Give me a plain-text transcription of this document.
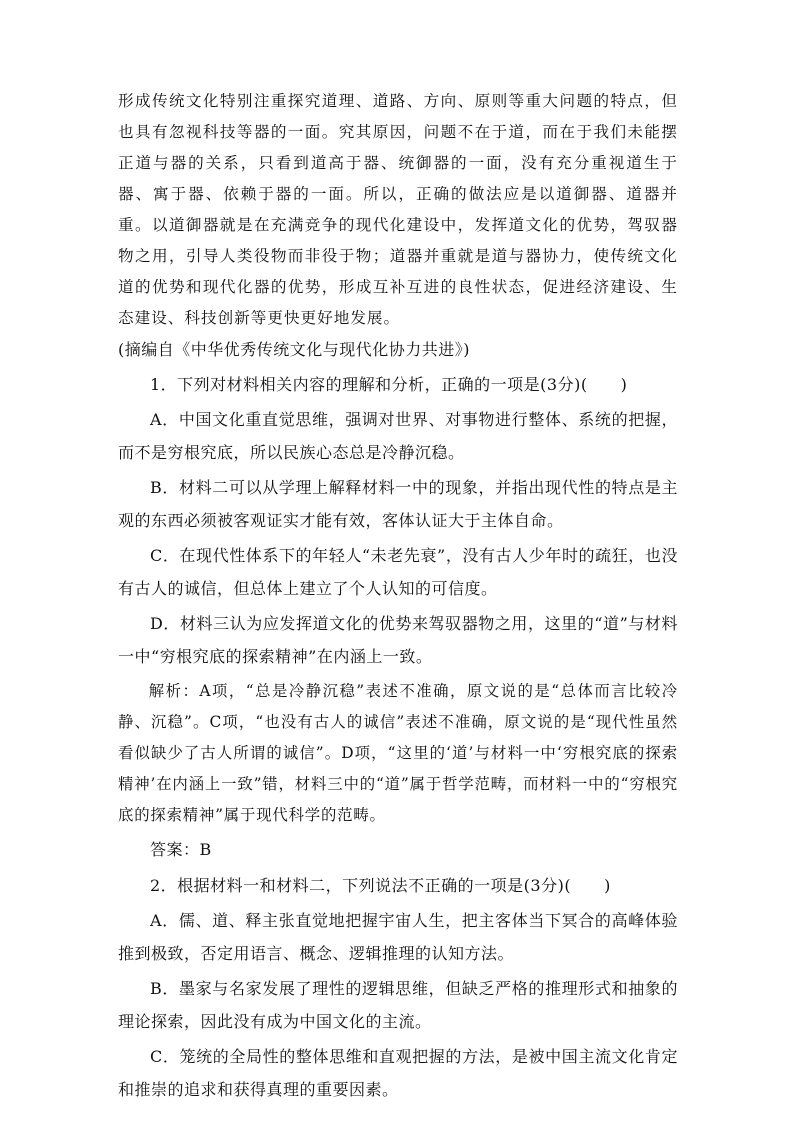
形成传统文化特别注重探究道理、道路、方向、原则等重大问题的特点，但也具有忽视科技等器的一面。究其原因，问题不在于道，而在于我们未能摆正道与器的关系，只看到道高于器、统御器的一面，没有充分重视道生于器、寓于器、依赖于器的一面。所以，正确的做法应是以道御器、道器并重。以道御器就是在充满竞争的现代化建设中，发挥道文化的优势，驾驭器物之用，引导人类役物而非役于物；道器并重就是道与器协力，使传统文化道的优势和现代化器的优势，形成互补互进的良性状态，促进经济建设、生态建设、科技创新等更快更好地发展。

(摘编自《中华优秀传统文化与现代化协力共进》)

1．下列对材料相关内容的理解和分析，正确的一项是(3分)(　　)

A．中国文化重直觉思维，强调对世界、对事物进行整体、系统的把握，而不是穷根究底，所以民族心态总是冷静沉稳。

B．材料二可以从学理上解释材料一中的现象，并指出现代性的特点是主观的东西必须被客观证实才能有效，客体认证大于主体自命。

C．在现代性体系下的年轻人“未老先衰”，没有古人少年时的疏狂，也没有古人的诚信，但总体上建立了个人认知的可信度。

D．材料三认为应发挥道文化的优势来驾驭器物之用，这里的“道”与材料一中“穷根究底的探索精神”在内涵上一致。

解析：A项，“总是冷静沉稳”表述不准确，原文说的是“总体而言比较冷静、沉稳”。C项，“也没有古人的诚信”表述不准确，原文说的是“现代性虽然看似缺少了古人所谓的诚信”。D项，“这里的‘道’与材料一中‘穷根究底的探索精神’在内涵上一致”错，材料三中的“道”属于哲学范畴，而材料一中的“穷根究底的探索精神”属于现代科学的范畴。

答案：B

2．根据材料一和材料二，下列说法不正确的一项是(3分)(　　)

A．儒、道、释主张直觉地把握宇宙人生，把主客体当下冥合的高峰体验推到极致，否定用语言、概念、逻辑推理的认知方法。

B．墨家与名家发展了理性的逻辑思维，但缺乏严格的推理形式和抽象的理论探索，因此没有成为中国文化的主流。

C．笼统的全局性的整体思维和直观把握的方法，是被中国主流文化肯定和推崇的追求和获得真理的重要因素。
